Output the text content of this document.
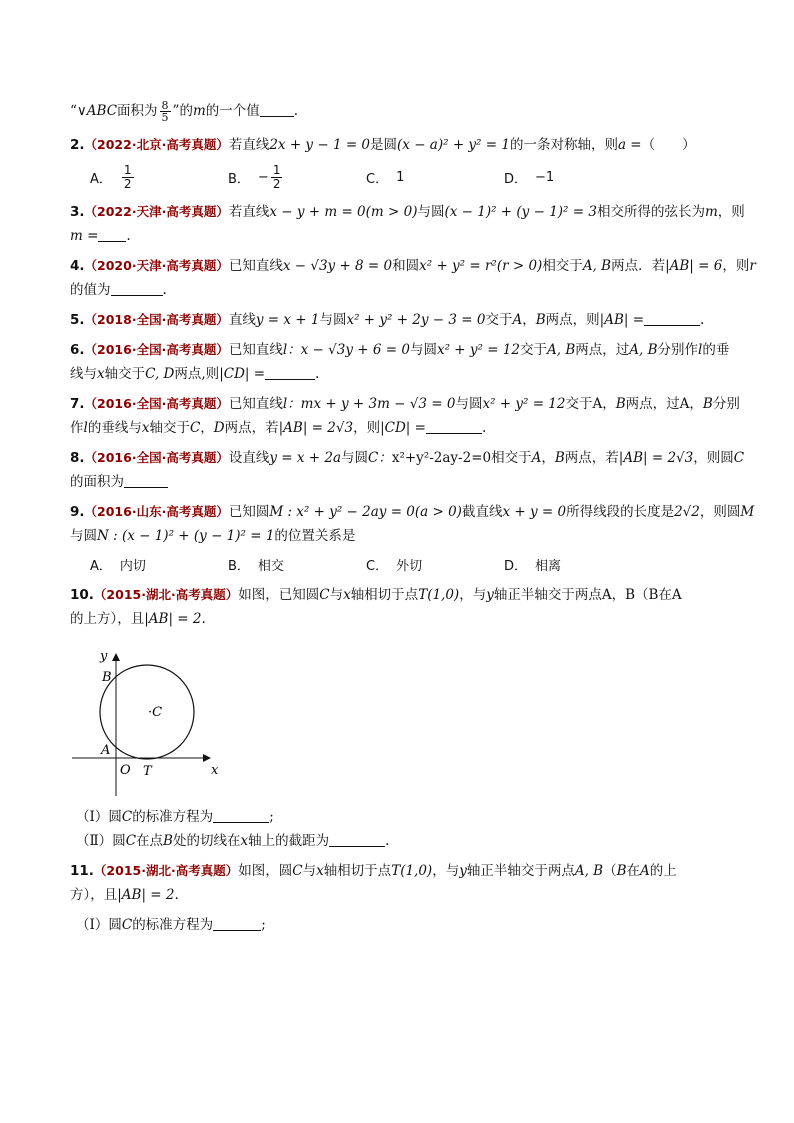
“∨ABC面积为 $\frac{8}{5}$ ”的m的一个值	.
2.（2022·北京·高考真题）若直线2x + y − 1 = 0是圆(x − a)² + y² = 1的一条对称轴，则a =（　　）
A． $\frac{1}{2}$	B． − $\frac{1}{2}$	C． 1	D． −1
3.（2022·天津·高考真题）若直线x − y + m = 0(m > 0)与圆(x − 1)² + (y − 1)² = 3相交所得的弦长为m，则
m = .
4.（2020·天津·高考真题）已知直线x − √3y + 8 = 0和圆x² + y² = r²(r > 0)相交于A, B两点．若|AB| = 6，则r
的值为	.
5.（2018·全国·高考真题）直线y = x + 1与圆x² + y² + 2y − 3 = 0交于A，B两点，则|AB| =	.
6.（2016·全国·高考真题）已知直线l：x − √3y + 6 = 0与圆x² + y² = 12交于A, B两点，过A, B分别作l的垂
线与x轴交于C, D两点,则|CD| =	.
7.（2016·全国·高考真题）已知直线l：mx + y + 3m − √3 = 0与圆x² + y² = 12交于A，B两点，过A，B分别
作l的垂线与x轴交于C，D两点，若|AB| = 2√3，则|CD| =	.
8.（2016·全国·高考真题）设直线y = x + 2a与圆C：x²+y²-2ay-2=0相交于A，B两点，若|AB| = 2√3，则圆C
的面积为
9.（2016·山东·高考真题）已知圆M : x² + y² − 2ay = 0(a > 0)截直线x + y = 0所得线段的长度是2√2，则圆M
与圆N : (x − 1)² + (y − 1)² = 1的位置关系是
A． 内切	B． 相交	C． 外切	D． 相离
10.（2015·湖北·高考真题）如图，已知圆C与x轴相切于点T(1,0)，与y轴正半轴交于两点A，B（B在A
的上方），且|AB| = 2.
y
x
B
A
O T
·C
（Ⅰ）圆C的标准方程为	;
（Ⅱ）圆C在点B处的切线在x轴上的截距为	.
11.（2015·湖北·高考真题）如图，圆C与x轴相切于点T(1,0)，与y轴正半轴交于两点A, B（B在A的上
方），且|AB| = 2.
（Ⅰ）圆C的标准方程为	;
